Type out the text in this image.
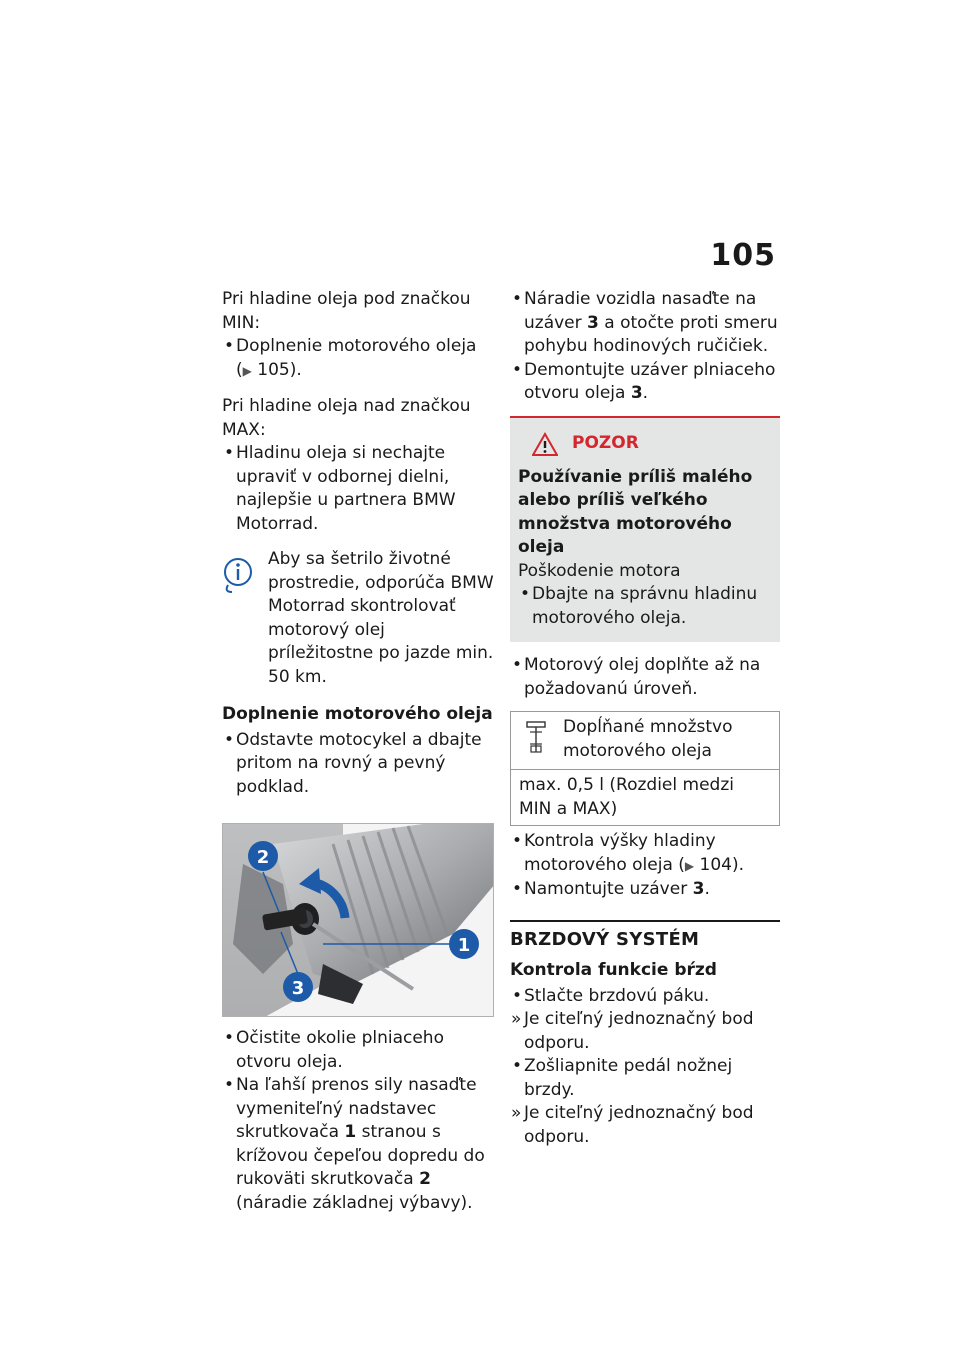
105

Pri hladine oleja pod značkou MIN:

• Doplnenie motorového oleja (▶︎ 105).

Pri hladine oleja nad značkou MAX:

• Hladinu oleja si nechajte upraviť v odbornej dielni, najlepšie u partnera BMW Motorrad.

Aby sa šetrilo životné prostredie, odporúča BMW Motorrad skontrolovať motorový olej príležitostne po jazde min. 50 km.

Doplnenie motorového oleja

• Odstavte motocykel a dbajte pritom na rovný a pevný podklad.
2
1
3
• Očistite okolie plniaceho otvoru oleja.
• Na ľahší prenos sily nasaďte vymeniteľný nadstavec skrutkovača 1 stranou s krížovou čepeľou dopredu do rukoväti skrutkovača 2 (náradie základnej výbavy).
• Náradie vozidla nasaďte na uzáver 3 a otočte proti smeru pohybu hodinových ručičiek.
• Demontujte uzáver plniaceho otvoru oleja 3.
POZOR

Používanie príliš malého alebo príliš veľkého množstva motorového oleja

Poškodenie motora

• Dbajte na správnu hladinu motorového oleja.
• Motorový olej doplňte až na požadovanú úroveň.
Dopĺňané množstvo motorového oleja
max. 0,5 l (Rozdiel medzi MIN a MAX)
• Kontrola výšky hladiny motorového oleja (▶︎ 104).
• Namontujte uzáver 3.

BRZDOVÝ SYSTÉM

Kontrola funkcie bŕzd

• Stlačte brzdovú páku.
» Je citeľný jednoznačný bod odporu.
• Zošliapnite pedál nožnej brzdy.
» Je citeľný jednoznačný bod odporu.
